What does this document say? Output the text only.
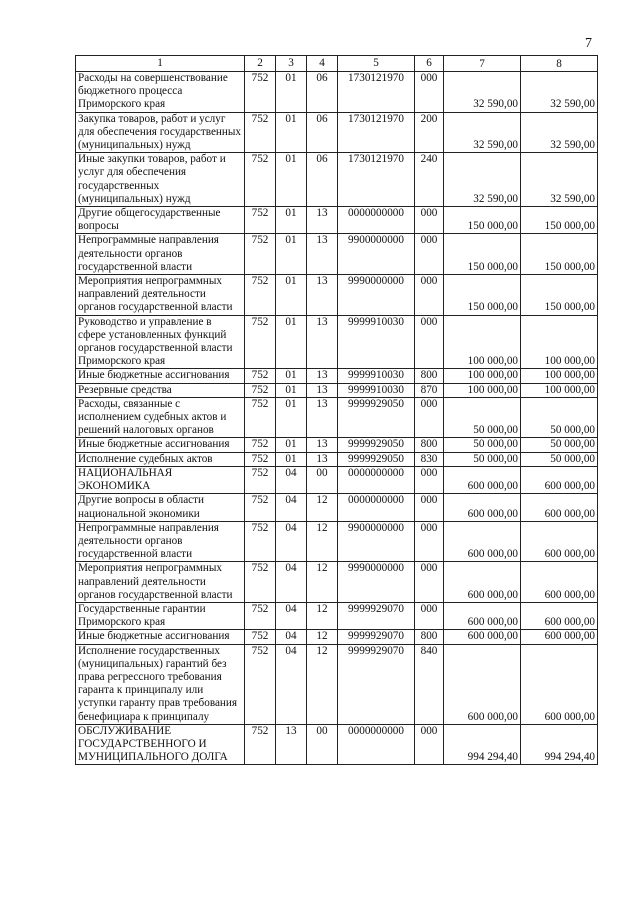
7
1	2	3	4	5	6	7	8
Расходы на совершенствование бюджетного процесса Приморского края	752	01	06	1730121970	000	32 590,00	32 590,00
Закупка товаров, работ и услуг для обеспечения государственных (муниципальных) нужд	752	01	06	1730121970	200	32 590,00	32 590,00
Иные закупки товаров, работ и услуг для обеспечения государственных (муниципальных) нужд	752	01	06	1730121970	240	32 590,00	32 590,00
Другие общегосударственные вопросы	752	01	13	0000000000	000	150 000,00	150 000,00
Непрограммные направления деятельности органов государственной власти	752	01	13	9900000000	000	150 000,00	150 000,00
Мероприятия непрограммных направлений деятельности органов государственной власти	752	01	13	9990000000	000	150 000,00	150 000,00
Руководство и управление в сфере установленных функций органов государственной власти Приморского края	752	01	13	9999910030	000	100 000,00	100 000,00
Иные бюджетные ассигнования	752	01	13	9999910030	800	100 000,00	100 000,00
Резервные средства	752	01	13	9999910030	870	100 000,00	100 000,00
Расходы, связанные с исполнением судебных актов и решений налоговых органов	752	01	13	9999929050	000	50 000,00	50 000,00
Иные бюджетные ассигнования	752	01	13	9999929050	800	50 000,00	50 000,00
Исполнение судебных актов	752	01	13	9999929050	830	50 000,00	50 000,00
НАЦИОНАЛЬНАЯ ЭКОНОМИКА	752	04	00	0000000000	000	600 000,00	600 000,00
Другие вопросы в области национальной экономики	752	04	12	0000000000	000	600 000,00	600 000,00
Непрограммные направления деятельности органов государственной власти	752	04	12	9900000000	000	600 000,00	600 000,00
Мероприятия непрограммных направлений деятельности органов государственной власти	752	04	12	9990000000	000	600 000,00	600 000,00
Государственные гарантии Приморского края	752	04	12	9999929070	000	600 000,00	600 000,00
Иные бюджетные ассигнования	752	04	12	9999929070	800	600 000,00	600 000,00
Исполнение государственных (муниципальных) гарантий без права регрессного требования гаранта к принципалу или уступки гаранту прав требования бенефициара к принципалу	752	04	12	9999929070	840	600 000,00	600 000,00
ОБСЛУЖИВАНИЕ ГОСУДАРСТВЕННОГО И МУНИЦИПАЛЬНОГО ДОЛГА	752	13	00	0000000000	000	994 294,40	994 294,40
